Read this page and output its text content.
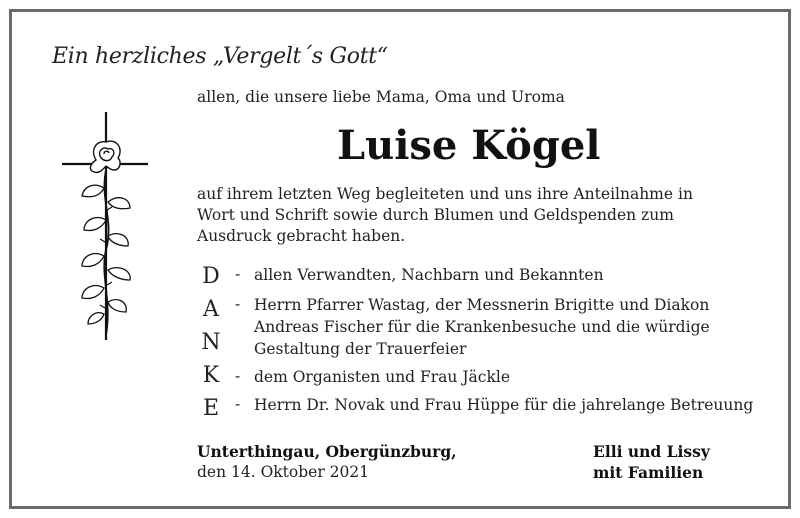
Ein herzliches „Vergelt´s Gott“
allen, die unsere liebe Mama, Oma und Uroma
Luise Kögel
auf ihrem letzten Weg begleiteten und uns ihre Anteilnahme in
Wort und Schrift sowie durch Blumen und Geldspenden zum
Ausdruck gebracht haben.
D
A
N
K
E
- allen Verwandten, Nachbarn und Bekannten
- Herrn Pfarrer Wastag, der Messnerin Brigitte und Diakon
Andreas Fischer für die Krankenbesuche und die würdige
Gestaltung der Trauerfeier
- dem Organisten und Frau Jäckle
- Herrn Dr. Novak und Frau Hüppe für die jahrelange Betreuung
Unterthingau, Obergünzburg,
den 14. Oktober 2021
Elli und Lissy
mit Familien
